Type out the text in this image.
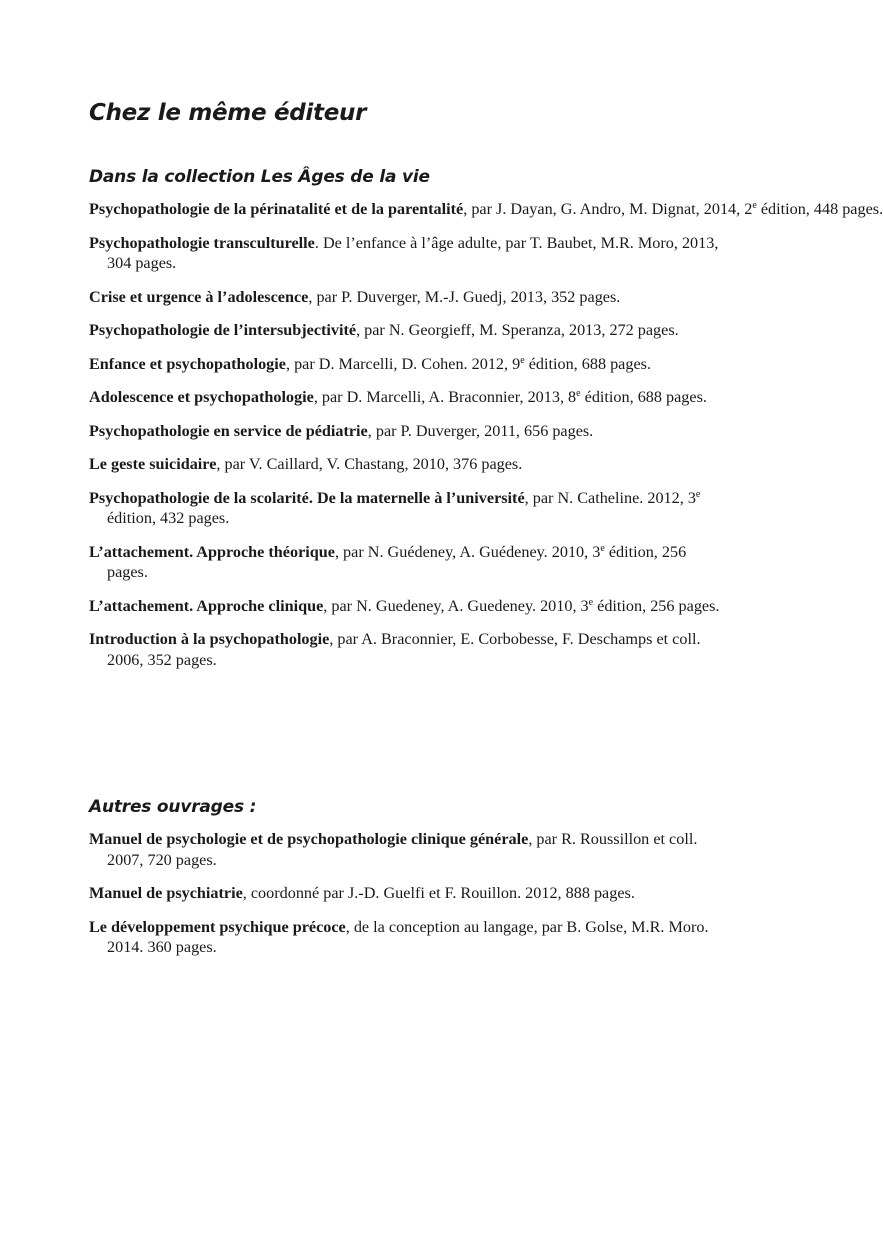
Chez le même éditeur
Dans la collection Les Âges de la vie

Psychopathologie de la périnatalité et de la parentalité, par J. Dayan, G. Andro, M. Dignat, 2014, 2e édition, 448 pages.

Psychopathologie transculturelle. De l’enfance à l’âge adulte, par T. Baubet, M.R. Moro, 2013, 304 pages.

Crise et urgence à l’adolescence, par P. Duverger, M.-J. Guedj, 2013, 352 pages.

Psychopathologie de l’intersubjectivité, par N. Georgieff, M. Speranza, 2013, 272 pages.

Enfance et psychopathologie, par D. Marcelli, D. Cohen. 2012, 9e édition, 688 pages.

Adolescence et psychopathologie, par D. Marcelli, A. Braconnier, 2013, 8e édition, 688 pages.

Psychopathologie en service de pédiatrie, par P. Duverger, 2011, 656 pages.

Le geste suicidaire, par V. Caillard, V. Chastang, 2010, 376 pages.

Psychopathologie de la scolarité. De la maternelle à l’université, par N. Catheline. 2012, 3e édition, 432 pages.

L’attachement. Approche théorique, par N. Guédeney, A. Guédeney. 2010, 3e édition, 256 pages.

L’attachement. Approche clinique, par N. Guedeney, A. Guedeney. 2010, 3e édition, 256 pages.

Introduction à la psychopathologie, par A. Braconnier, E. Corbobesse, F. Deschamps et coll. 2006, 352 pages.

Autres ouvrages :

Manuel de psychologie et de psychopathologie clinique générale, par R. Roussillon et coll. 2007, 720 pages.

Manuel de psychiatrie, coordonné par J.-D. Guelfi et F. Rouillon. 2012, 888 pages.

Le développement psychique précoce, de la conception au langage, par B. Golse, M.R. Moro. 2014. 360 pages.
